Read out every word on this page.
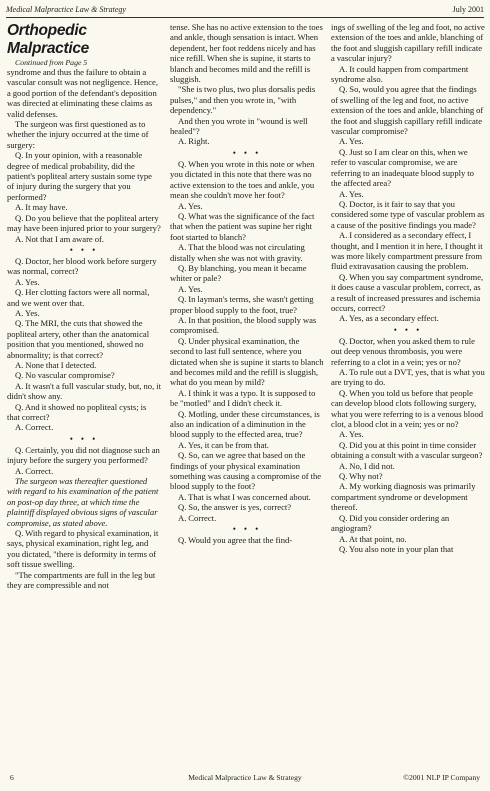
Medical Malpractice Law & Strategy	July 2001

Orthopedic Malpractice

Continued from Page 5

syndrome and thus the failure to obtain a vascular consult was not negligence. Hence, a good portion of the defendant's deposition was directed at eliminating these claims as valid defenses.

The surgeon was first questioned as to whether the injury occurred at the time of surgery:

Q. In your opinion, with a reasonable degree of medical probability, did the patient's popliteal artery sustain some type of injury during the surgery that you performed?

A. It may have.

Q. Do you believe that the popliteal artery may have been injured prior to your surgery?

A. Not that I am aware of.

• • •

Q. Doctor, her blood work before surgery was normal, correct?

A. Yes.

Q. Her clotting factors were all normal, and we went over that.

A. Yes.

Q. The MRI, the cuts that showed the popliteal artery, other than the anatomical position that you mentioned, showed no abnormality; is that correct?

A. None that I detected.

Q. No vascular compromise?

A. It wasn't a full vascular study, but, no, it didn't show any.

Q. And it showed no popliteal cysts; is that correct?

A. Correct.

• • •

Q. Certainly, you did not diagnose such an injury before the surgery you performed?

A. Correct.

The surgeon was thereafter questioned with regard to his examination of the patient on post-op day three, at which time the plaintiff displayed obvious signs of vascular compromise, as stated above.

Q. With regard to physical examination, it says, physical examination, right leg, and you dictated, "there is deformity in terms of soft tissue swelling.

"The compartments are full in the leg but they are compressible and not

tense. She has no active extension to the toes and ankle, though sensation is intact. When dependent, her foot reddens nicely and has nice refill. When she is supine, it starts to blanch and becomes mild and the refill is sluggish.

"She is two plus, two plus dorsalis pedis pulses," and then you wrote in, "with dependency."

And then you wrote in "wound is well healed"?

A. Right.

• • •

Q. When you wrote in this note or when you dictated in this note that there was no active extension to the toes and ankle, you mean she couldn't move her foot?

A. Yes.

Q. What was the significance of the fact that when the patient was supine her right foot started to blanch?

A. That the blood was not circulating distally when she was not with gravity.

Q. By blanching, you mean it became whiter or pale?

A. Yes.

Q. In layman's terms, she wasn't getting proper blood supply to the foot, true?

A. In that position, the blood supply was compromised.

Q. Under physical examination, the second to last full sentence, where you dictated when she is supine it starts to blanch and becomes mild and the refill is sluggish, what do you mean by mild?

A. I think it was a typo. It is supposed to be "motled" and I didn't check it.

Q. Motling, under these circumstances, is also an indication of a diminution in the blood supply to the effected area, true?

A. Yes, it can be from that.

Q. So, can we agree that based on the findings of your physical examination something was causing a compromise of the blood supply to the foot?

A. That is what I was concerned about.

Q. So, the answer is yes, correct?

A. Correct.

• • •

Q. Would you agree that the find-

ings of swelling of the leg and foot, no active extension of the toes and ankle, blanching of the foot and sluggish capillary refill indicate a vascular injury?

A. It could happen from compartment syndrome also.

Q. So, would you agree that the findings of swelling of the leg and foot, no active extension of the toes and ankle, blanching of the foot and sluggish capillary refill indicate vascular compromise?

A. Yes.

Q. Just so I am clear on this, when we refer to vascular compromise, we are referring to an inadequate blood supply to the affected area?

A. Yes.

Q. Doctor, is it fair to say that you considered some type of vascular problem as a cause of the positive findings you made?

A. I considered as a secondary effect, I thought, and I mention it in here, I thought it was more likely compartment pressure from fluid extravasation causing the problem.

Q. When you say compartment syndrome, it does cause a vascular problem, correct, as a result of increased pressures and ischemia occurs, correct?

A. Yes, as a secondary effect.

• • •

Q. Doctor, when you asked them to rule out deep venous thrombosis, you were referring to a clot in a vein; yes or no?

A. To rule out a DVT, yes, that is what you are trying to do.

Q. When you told us before that people can develop blood clots following surgery, what you were referring to is a venous blood clot, a blood clot in a vein; yes or no?

A. Yes.

Q. Did you at this point in time consider obtaining a consult with a vascular surgeon?

A. No, I did not.

Q. Why not?

A. My working diagnosis was primarily compartment syndrome or development thereof.

Q. Did you consider ordering an angiogram?

A. At that point, no.

Q. You also note in your plan that

6	Medical Malpractice Law & Strategy	©2001 NLP IP Company
